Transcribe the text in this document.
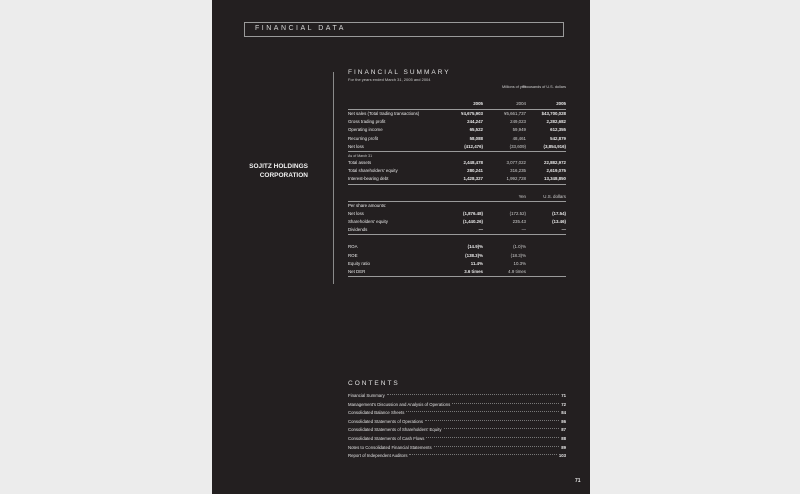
FINANCIAL DATA
SOJITZ HOLDINGS
CORPORATION
FINANCIAL SUMMARY
For the years ended March 31, 2005 and 2004
Millions of yen
Thousands of U.S. dollars
2005	2004	2005
Net sales (Total trading transactions)	¥4,675,903	¥5,661,737	$43,700,028
Gross trading profit	244,247	249,023	2,282,682
Operating income	65,522	59,949	612,355
Recurring profit	58,088	48,461	542,879
Net loss	(412,476)	(33,609)	(3,854,916)
As of March 31
Total assets	2,448,478	3,077,022	22,882,972
Total shareholders' equity	280,241	316,235	2,619,075
Interest-bearing debt	1,428,327	1,992,728	13,348,850
Yen	U.S. dollars
Per share amounts:
Net loss	(1,876.48)	(172.52)	(17.54)
Shareholders' equity	(1,440.26)	235.43	(13.46)
Dividends	—	—	—
ROA	(14.9)%	(1.0)%
ROE	(138.3)%	(18.3)%
Equity ratio	11.4%	10.3%
Net DER	3.6 times	4.9 times
CONTENTS
Financial Summary	71
Management's Discussion and Analysis of Operations	72
Consolidated Balance Sheets	84
Consolidated Statements of Operations	86
Consolidated Statements of Shareholders' Equity	87
Consolidated Statements of Cash Flows	88
Notes to Consolidated Financial Statements	89
Report of Independent Auditors	103
71
